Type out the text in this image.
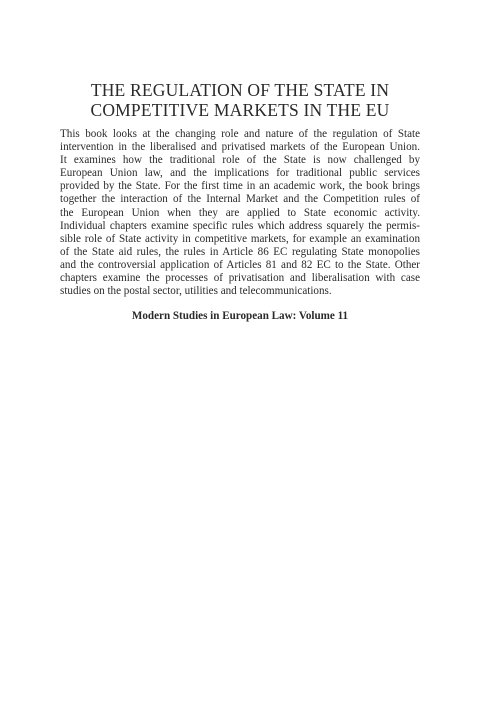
THE REGULATION OF THE STATE IN
COMPETITIVE MARKETS IN THE EU

This book looks at the changing role and nature of the regulation of State
intervention in the liberalised and privatised markets of the European Union.
It examines how the traditional role of the State is now challenged by
European Union law, and the implications for traditional public services
provided by the State. For the first time in an academic work, the book brings
together the interaction of the Internal Market and the Competition rules of
the European Union when they are applied to State economic activity.
Individual chapters examine specific rules which address squarely the permis-
sible role of State activity in competitive markets, for example an examination
of the State aid rules, the rules in Article 86 EC regulating State monopolies
and the controversial application of Articles 81 and 82 EC to the State. Other
chapters examine the processes of privatisation and liberalisation with case
studies on the postal sector, utilities and telecommunications.

Modern Studies in European Law: Volume 11
